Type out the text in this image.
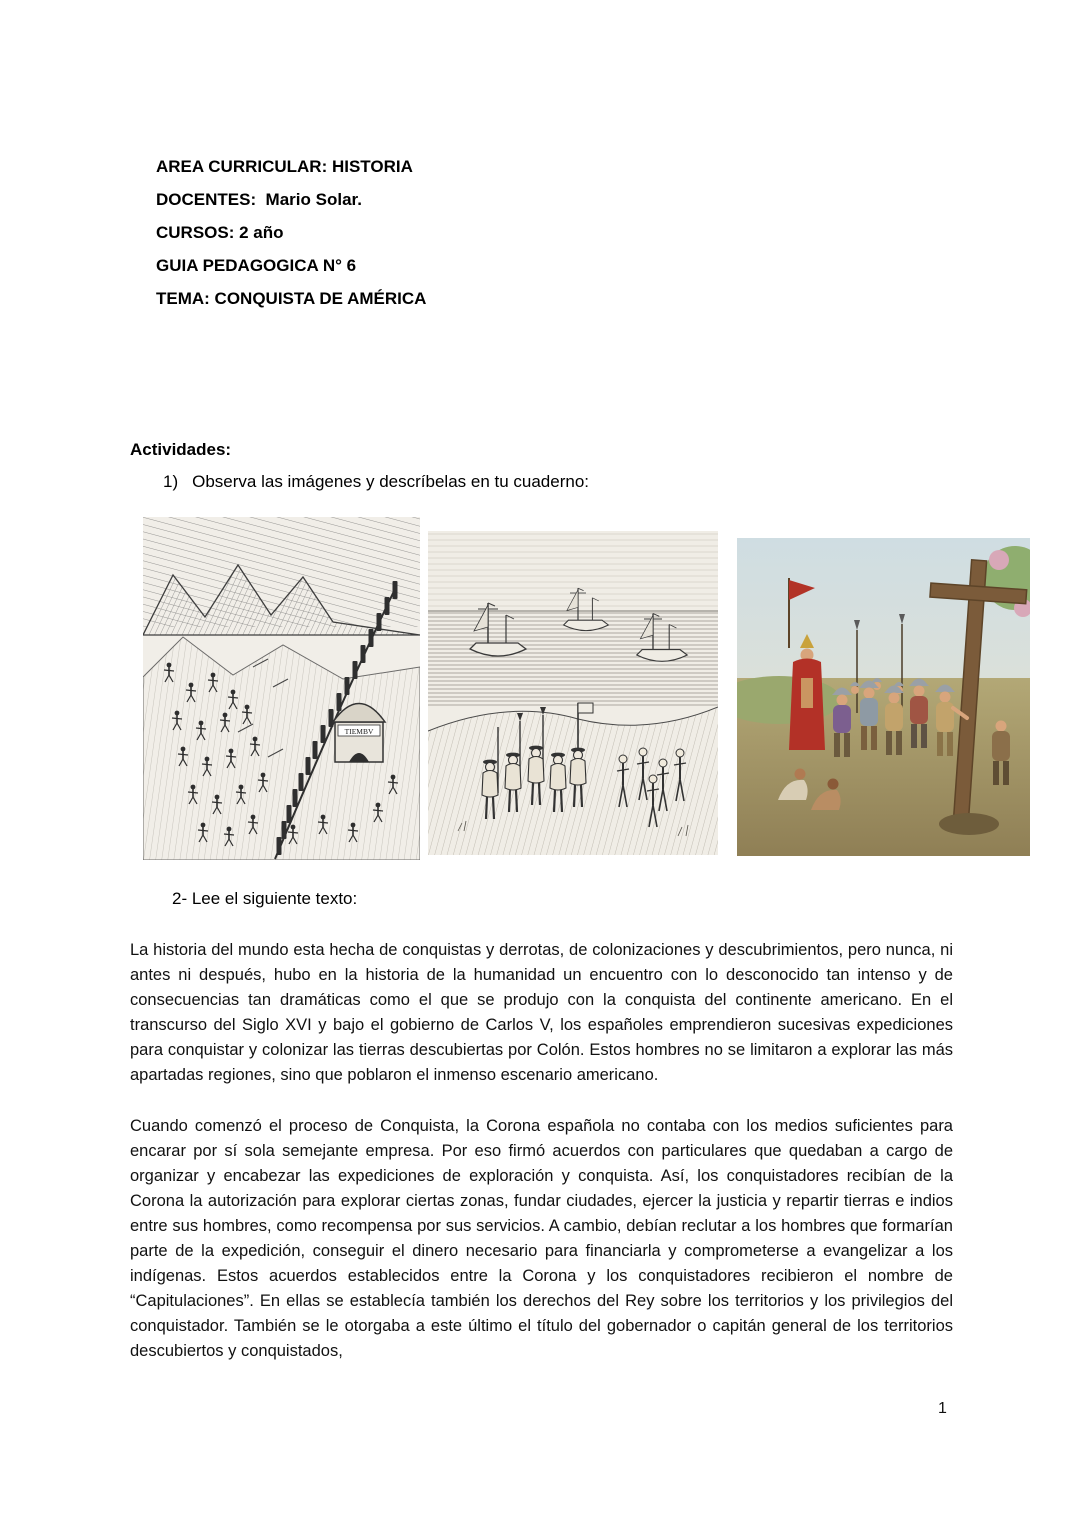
AREA CURRICULAR: HISTORIA
DOCENTES:  Mario Solar.
CURSOS: 2 año
GUIA PEDAGOGICA N° 6
TEMA: CONQUISTA DE AMÉRICA
Actividades:
1) Observa las imágenes y descríbelas en tu cuaderno:
TIEMBV
2- Lee el siguiente texto:

La historia del mundo esta hecha de conquistas y derrotas, de colonizaciones y descubrimientos, pero nunca, ni antes ni después, hubo en la historia de la humanidad un encuentro con lo desconocido tan intenso y de consecuencias tan dramáticas como el que se produjo con la conquista del continente americano. En el transcurso del Siglo XVI y bajo el gobierno de Carlos V, los españoles emprendieron sucesivas expediciones para conquistar y colonizar las tierras descubiertas por Colón. Estos hombres no se limitaron a explorar las más apartadas regiones, sino que poblaron el inmenso escenario americano.

Cuando comenzó el proceso de Conquista, la Corona española no contaba con los medios suficientes para encarar por sí sola semejante empresa. Por eso firmó acuerdos con particulares que quedaban a cargo de organizar y encabezar las expediciones de exploración y conquista. Así, los conquistadores recibían de la Corona la autorización para explorar ciertas zonas, fundar ciudades, ejercer la justicia y repartir tierras e indios entre sus hombres, como recompensa por sus servicios. A cambio, debían reclutar a los hombres que formarían parte de la expedición, conseguir el dinero necesario para financiarla y comprometerse a evangelizar a los indígenas. Estos acuerdos establecidos entre la Corona y los conquistadores recibieron el nombre de “Capitulaciones”. En ellas se establecía también los derechos del Rey sobre los territorios y los privilegios del conquistador. También se le otorgaba a este último el título del gobernador o capitán general de los territorios descubiertos y conquistados,

1
